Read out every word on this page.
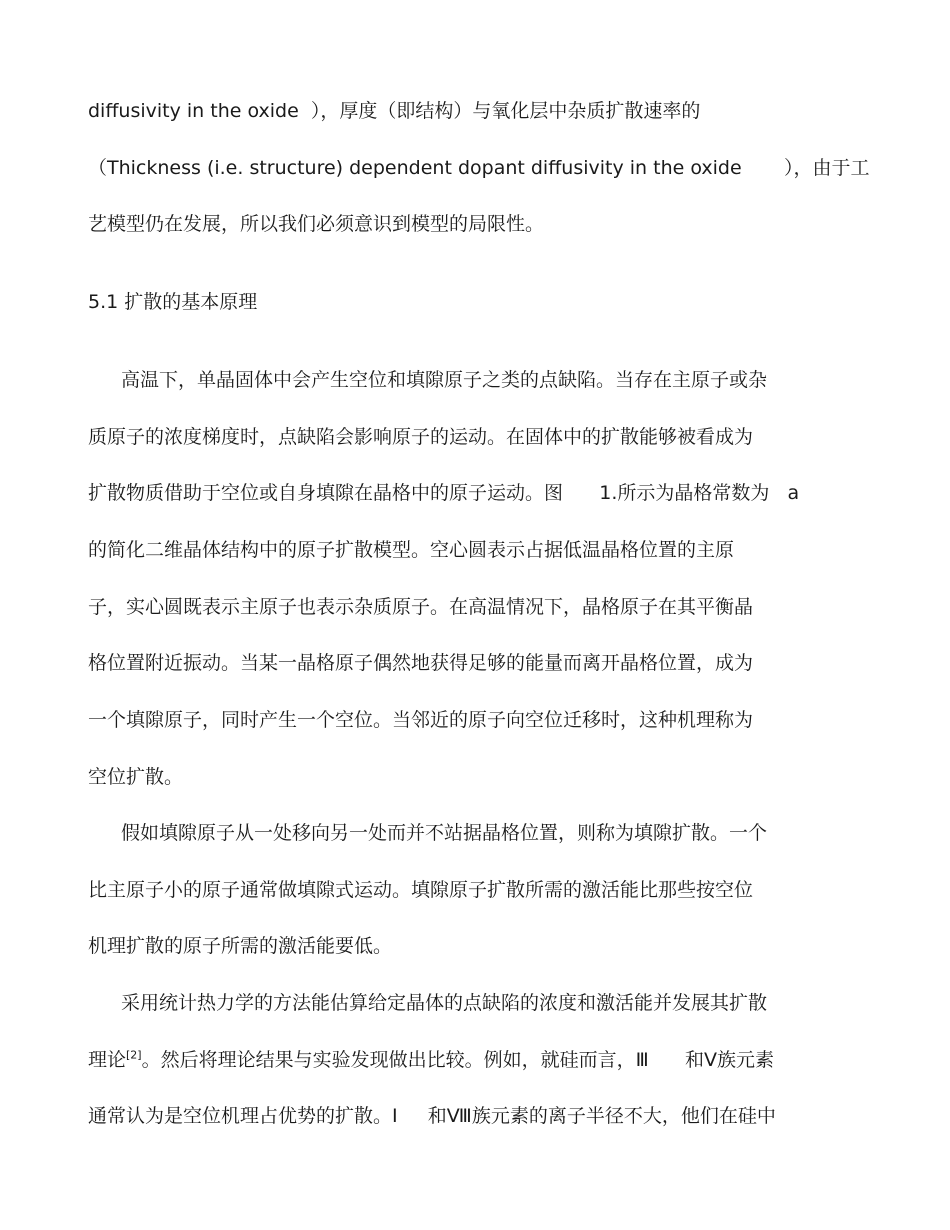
diffusivity in the oxide  ），厚度（即结构）与氧化层中杂质扩散速率的

（Thickness (i.e. structure) dependent dopant diffusivity in the oxide       ），由于工

艺模型仍在发展，所以我们必须意识到模型的局限性。

5.1 扩散的基本原理

高温下，单晶固体中会产生空位和填隙原子之类的点缺陷。当存在主原子或杂

质原子的浓度梯度时，点缺陷会影响原子的运动。在固体中的扩散能够被看成为

扩散物质借助于空位或自身填隙在晶格中的原子运动。图      1.所示为晶格常数为   a

的简化二维晶体结构中的原子扩散模型。空心圆表示占据低温晶格位置的主原

子，实心圆既表示主原子也表示杂质原子。在高温情况下，晶格原子在其平衡晶

格位置附近振动。当某一晶格原子偶然地获得足够的能量而离开晶格位置，成为

一个填隙原子，同时产生一个空位。当邻近的原子向空位迁移时，这种机理称为

空位扩散。

假如填隙原子从一处移向另一处而并不站据晶格位置，则称为填隙扩散。一个

比主原子小的原子通常做填隙式运动。填隙原子扩散所需的激活能比那些按空位

机理扩散的原子所需的激活能要低。

采用统计热力学的方法能估算给定晶体的点缺陷的浓度和激活能并发展其扩散

理论[2]。然后将理论结果与实验发现做出比较。例如，就硅而言，Ⅲ      和Ⅴ族元素

通常认为是空位机理占优势的扩散。Ⅰ     和Ⅷ族元素的离子半径不大，他们在硅中
